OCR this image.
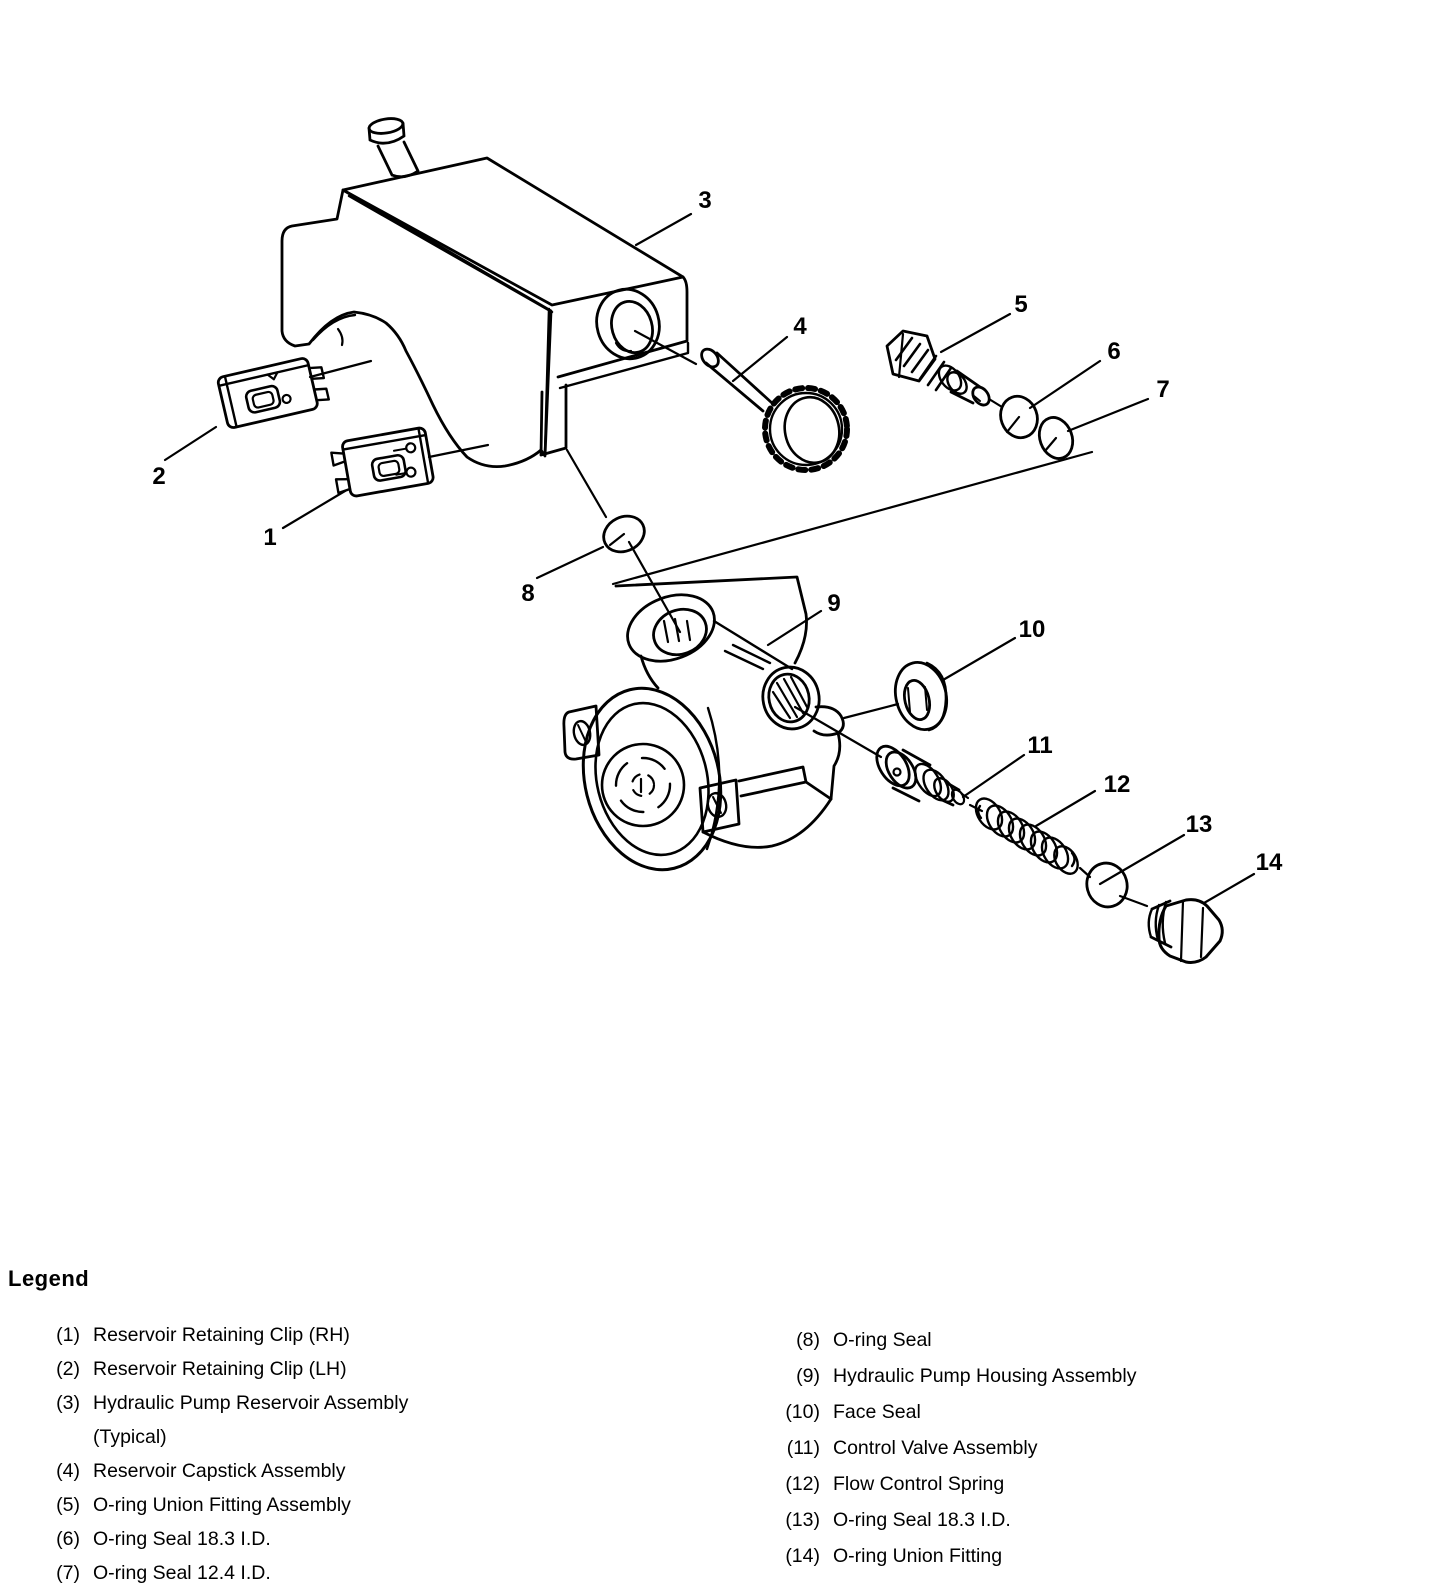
1
2
3
4
5
6
7
8	9
10
11
12
13
14
Legend
(1) Reservoir Retaining Clip (RH)
(2) Reservoir Retaining Clip (LH)
(3) Hydraulic Pump Reservoir Assembly
(Typical)
(4) Reservoir Capstick Assembly
(5) O-ring Union Fitting Assembly
(6) O-ring Seal 18.3 I.D.
(7) O-ring Seal 12.4 I.D.
(8) O-ring Seal
(9) Hydraulic Pump Housing Assembly
(10) Face Seal
(11) Control Valve Assembly
(12) Flow Control Spring
(13) O-ring Seal 18.3 I.D.
(14) O-ring Union Fitting
